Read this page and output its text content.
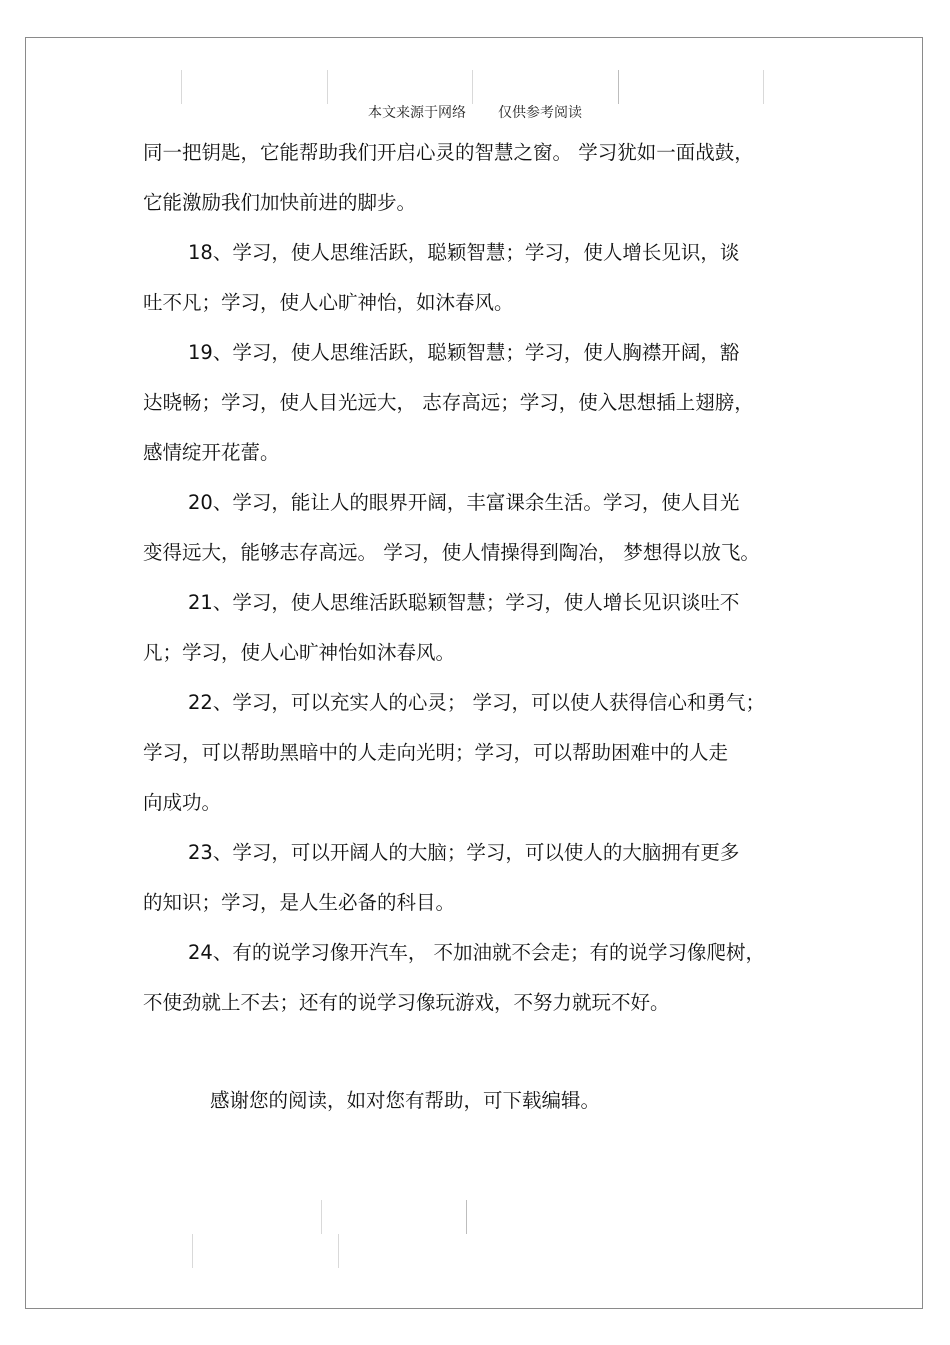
本文来源于网络 仅供参考阅读

同一把钥匙，它能帮助我们开启心灵的智慧之窗。 学习犹如一面战鼓，
它能激励我们加快前进的脚步。

18、学习，使人思维活跃，聪颖智慧；学习，使人增长见识，谈
吐不凡；学习，使人心旷神怡，如沐春风。

19、学习，使人思维活跃，聪颖智慧；学习，使人胸襟开阔，豁
达晓畅；学习，使人目光远大， 志存高远；学习，使入思想插上翅膀，
感情绽开花蕾。

20、学习，能让人的眼界开阔，丰富课余生活。学习，使人目光
变得远大，能够志存高远。 学习，使人情操得到陶冶， 梦想得以放飞。

21、学习，使人思维活跃聪颖智慧；学习，使人增长见识谈吐不
凡；学习，使人心旷神怡如沐春风。

22、学习，可以充实人的心灵； 学习，可以使人获得信心和勇气；
学习，可以帮助黑暗中的人走向光明；学习，可以帮助困难中的人走
向成功。

23、学习，可以开阔人的大脑；学习，可以使人的大脑拥有更多
的知识；学习，是人生必备的科目。

24、有的说学习像开汽车， 不加油就不会走；有的说学习像爬树，
不使劲就上不去；还有的说学习像玩游戏，不努力就玩不好。

感谢您的阅读，如对您有帮助，可下载编辑。
